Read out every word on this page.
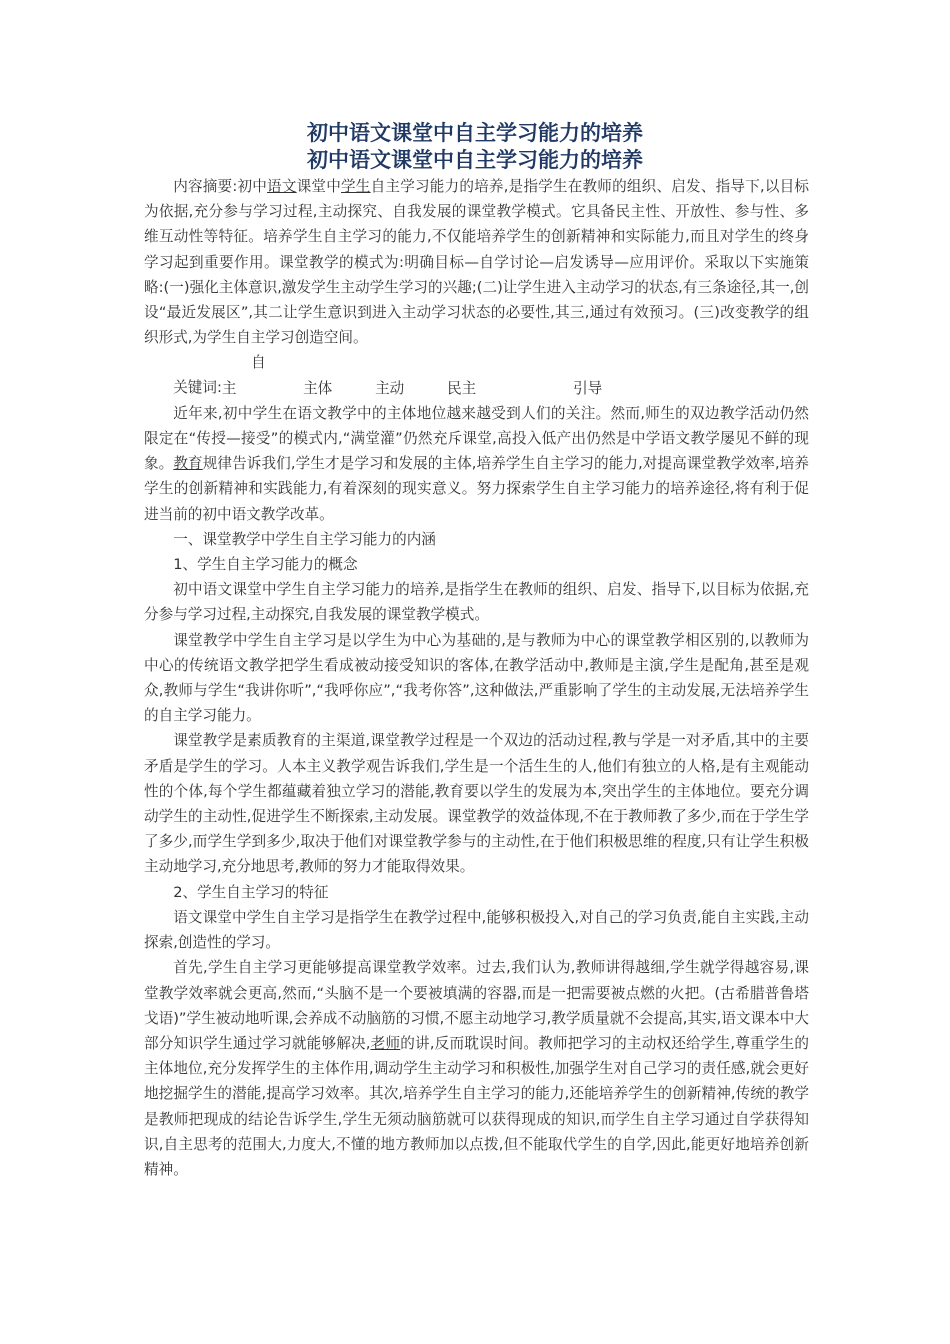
初中语文课堂中自主学习能力的培养
初中语文课堂中自主学习能力的培养

内容摘要:初中语文课堂中学生自主学习能力的培养,是指学生在教师的组织、启发、指导下,以目标为依据,充分参与学习过程,主动探究、自我发展的课堂教学模式。它具备民主性、开放性、参与性、多维互动性等特征。培养学生自主学习的能力,不仅能培养学生的创新精神和实际能力,而且对学生的终身学习起到重要作用。课堂教学的模式为:明确目标—自学讨论—启发诱导—应用评价。采取以下实施策略:(一)强化主体意识,激发学生主动学生学习的兴趣;(二)让学生进入主动学习的状态,有三条途径,其一,创设“最近发展区”,其二让学生意识到进入主动学习状态的必要性,其三,通过有效预习。(三)改变教学的组织形式,为学生自主学习创造空间。

关键词:自主	主体	主动	民主	引导

近年来,初中学生在语文教学中的主体地位越来越受到人们的关注。然而,师生的双边教学活动仍然限定在“传授—接受”的模式内,“满堂灌”仍然充斥课堂,高投入低产出仍然是中学语文教学屡见不鲜的现象。教育规律告诉我们,学生才是学习和发展的主体,培养学生自主学习的能力,对提高课堂教学效率,培养学生的创新精神和实践能力,有着深刻的现实意义。努力探索学生自主学习能力的培养途径,将有利于促进当前的初中语文教学改革。

一、课堂教学中学生自主学习能力的内涵

1、学生自主学习能力的概念

初中语文课堂中学生自主学习能力的培养,是指学生在教师的组织、启发、指导下,以目标为依据,充分参与学习过程,主动探究,自我发展的课堂教学模式。

课堂教学中学生自主学习是以学生为中心为基础的,是与教师为中心的课堂教学相区别的,以教师为中心的传统语文教学把学生看成被动接受知识的客体,在教学活动中,教师是主演,学生是配角,甚至是观众,教师与学生“我讲你听”,“我呼你应”,“我考你答”,这种做法,严重影响了学生的主动发展,无法培养学生的自主学习能力。

课堂教学是素质教育的主渠道,课堂教学过程是一个双边的活动过程,教与学是一对矛盾,其中的主要矛盾是学生的学习。人本主义教学观告诉我们,学生是一个活生生的人,他们有独立的人格,是有主观能动性的个体,每个学生都蕴藏着独立学习的潜能,教育要以学生的发展为本,突出学生的主体地位。要充分调动学生的主动性,促进学生不断探索,主动发展。课堂教学的效益体现,不在于教师教了多少,而在于学生学了多少,而学生学到多少,取决于他们对课堂教学参与的主动性,在于他们积极思维的程度,只有让学生积极主动地学习,充分地思考,教师的努力才能取得效果。

2、学生自主学习的特征

语文课堂中学生自主学习是指学生在教学过程中,能够积极投入,对自己的学习负责,能自主实践,主动探索,创造性的学习。

首先,学生自主学习更能够提高课堂教学效率。过去,我们认为,教师讲得越细,学生就学得越容易,课堂教学效率就会更高,然而,“头脑不是一个要被填满的容器,而是一把需要被点燃的火把。(古希腊普鲁塔戈语)”学生被动地听课,会养成不动脑筋的习惯,不愿主动地学习,教学质量就不会提高,其实,语文课本中大部分知识学生通过学习就能够解决,老师的讲,反而耽误时间。教师把学习的主动权还给学生,尊重学生的主体地位,充分发挥学生的主体作用,调动学生主动学习和积极性,加强学生对自己学习的责任感,就会更好地挖掘学生的潜能,提高学习效率。其次,培养学生自主学习的能力,还能培养学生的创新精神,传统的教学是教师把现成的结论告诉学生,学生无须动脑筋就可以获得现成的知识,而学生自主学习通过自学获得知识,自主思考的范围大,力度大,不懂的地方教师加以点拨,但不能取代学生的自学,因此,能更好地培养创新精神。
